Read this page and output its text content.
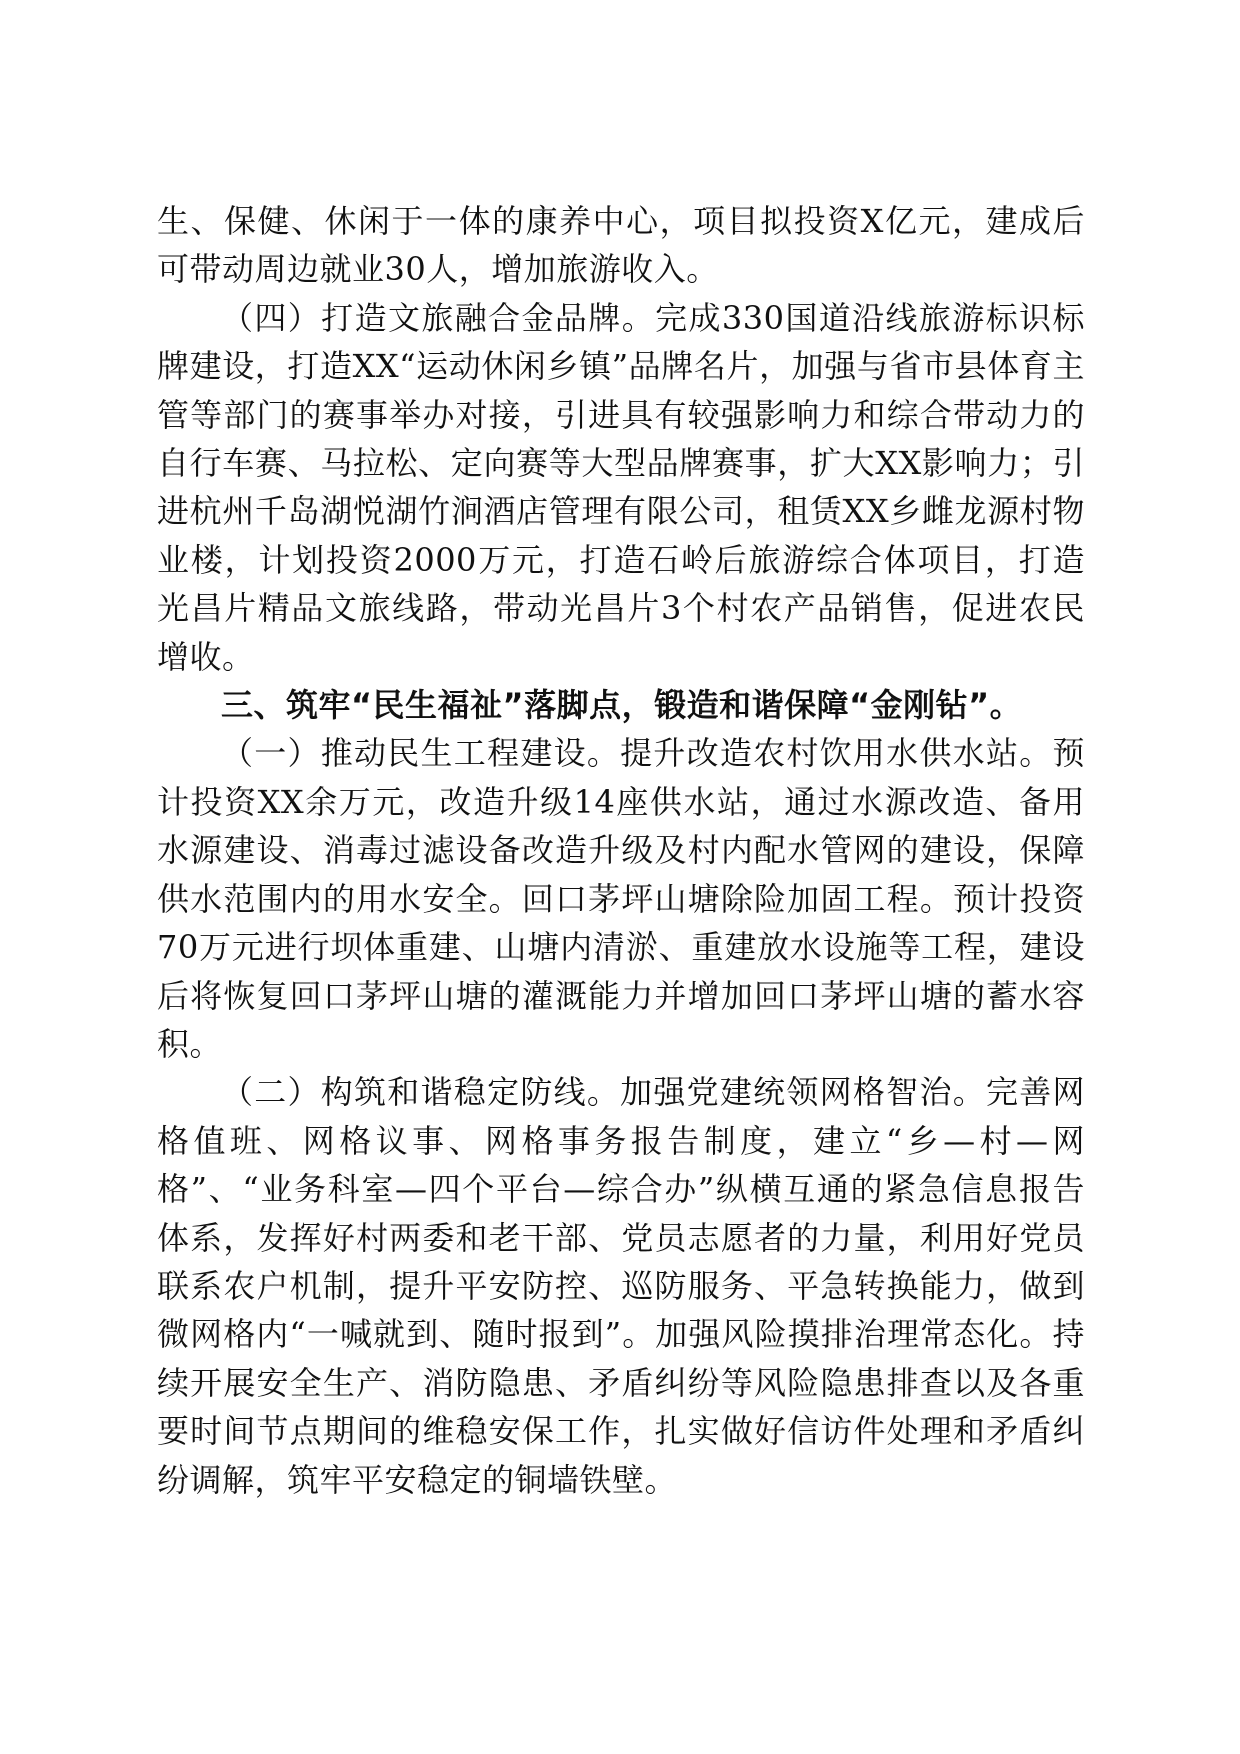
生、保健、休闲于一体的康养中心，项目拟投资X亿元，建成后可带动周边就业30人，增加旅游收入。

（四）打造文旅融合金品牌。完成330国道沿线旅游标识标牌建设，打造XX“运动休闲乡镇”品牌名片，加强与省市县体育主管等部门的赛事举办对接，引进具有较强影响力和综合带动力的自行车赛、马拉松、定向赛等大型品牌赛事，扩大XX影响力；引进杭州千岛湖悦湖竹涧酒店管理有限公司，租赁XX乡雌龙源村物业楼，计划投资2000万元，打造石岭后旅游综合体项目，打造光昌片精品文旅线路，带动光昌片3个村农产品销售，促进农民增收。

三、筑牢“民生福祉”落脚点，锻造和谐保障“金刚钻”。

（一）推动民生工程建设。提升改造农村饮用水供水站。预计投资XX余万元，改造升级14座供水站，通过水源改造、备用水源建设、消毒过滤设备改造升级及村内配水管网的建设，保障供水范围内的用水安全。回口茅坪山塘除险加固工程。预计投资70万元进行坝体重建、山塘内清淤、重建放水设施等工程，建设后将恢复回口茅坪山塘的灌溉能力并增加回口茅坪山塘的蓄水容积。

（二）构筑和谐稳定防线。加强党建统领网格智治。完善网格值班、网格议事、网格事务报告制度，建立“乡—村—网格”、“业务科室—四个平台—综合办”纵横互通的紧急信息报告体系，发挥好村两委和老干部、党员志愿者的力量，利用好党员联系农户机制，提升平安防控、巡防服务、平急转换能力，做到微网格内“一喊就到、随时报到”。加强风险摸排治理常态化。持续开展安全生产、消防隐患、矛盾纠纷等风险隐患排查以及各重要时间节点期间的维稳安保工作，扎实做好信访件处理和矛盾纠纷调解，筑牢平安稳定的铜墙铁壁。
